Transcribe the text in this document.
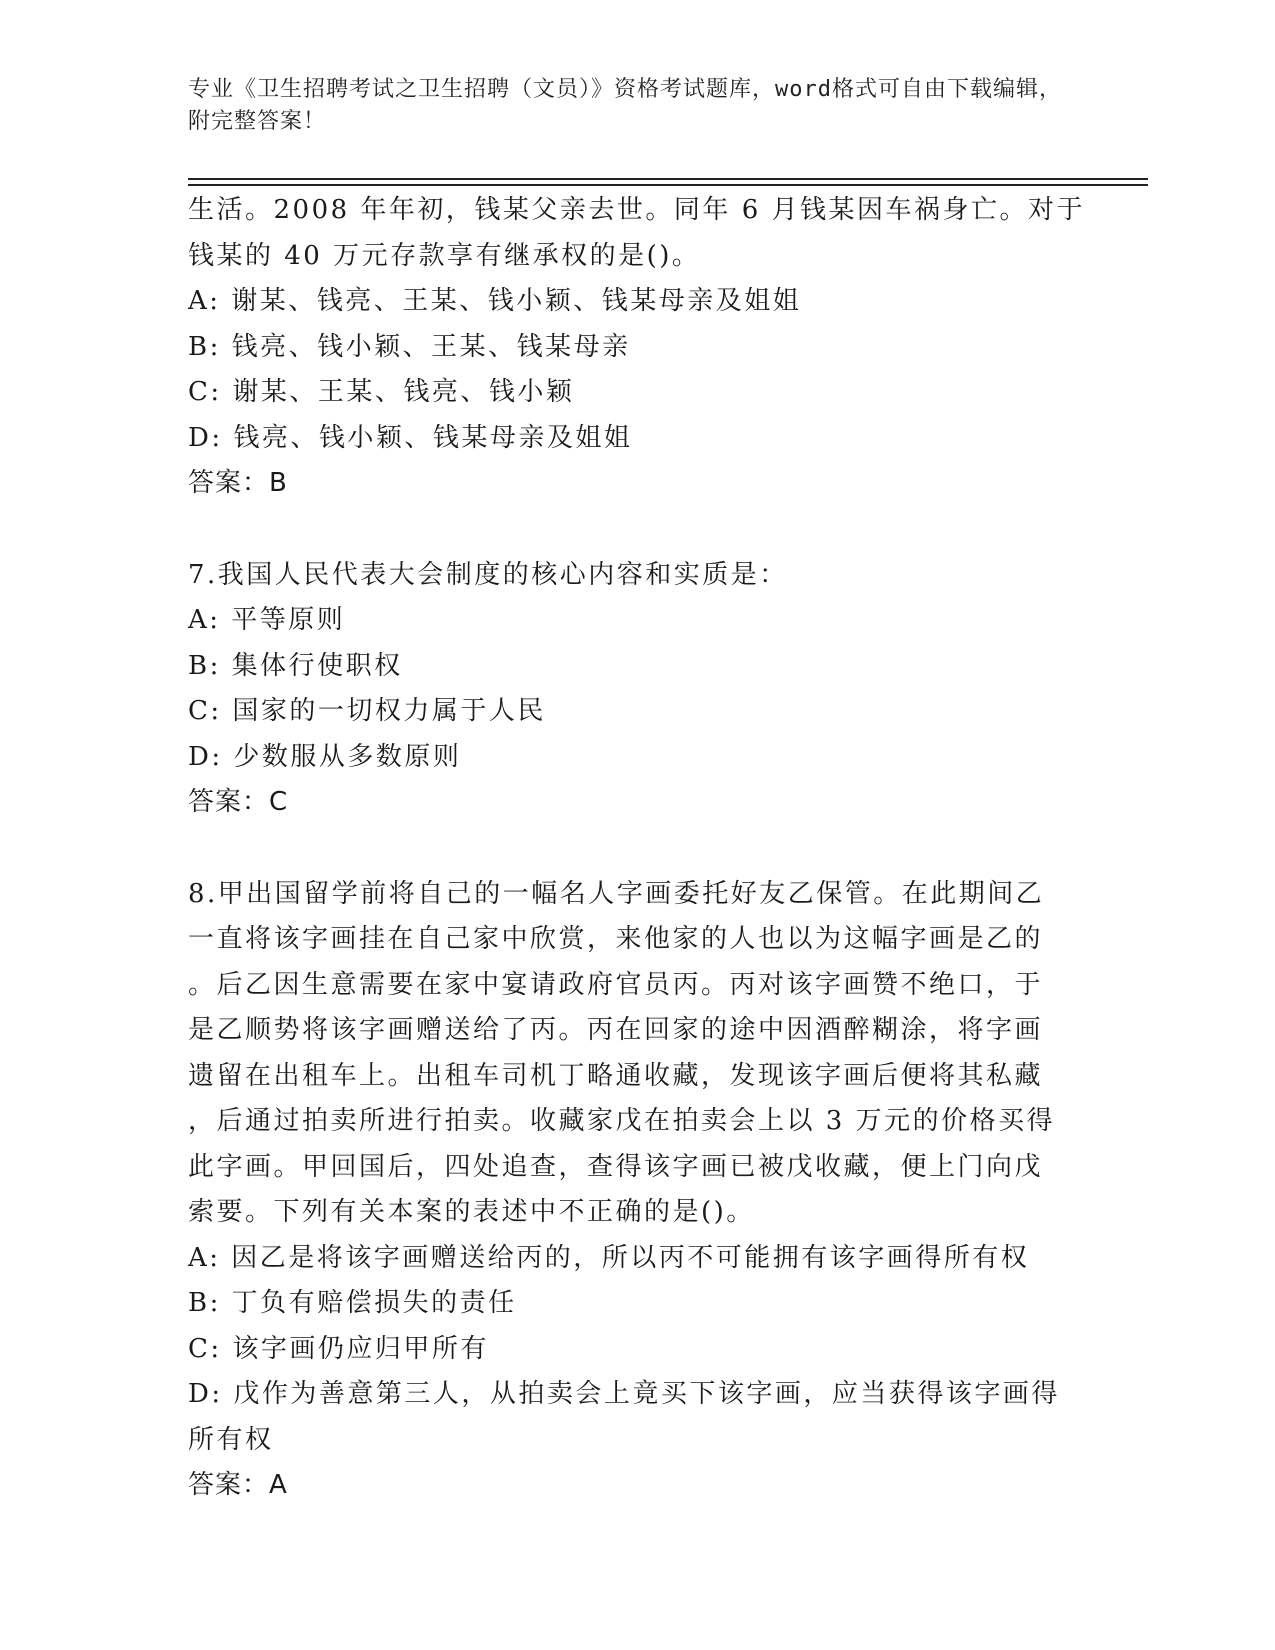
专业《卫生招聘考试之卫生招聘（文员）》资格考试题库，word格式可自由下载编辑，附完整答案！
生活。2008 年年初，钱某父亲去世。同年 6 月钱某因车祸身亡。对于
钱某的 40 万元存款享有继承权的是()。
A: 谢某、钱亮、王某、钱小颖、钱某母亲及姐姐
B: 钱亮、钱小颖、王某、钱某母亲
C: 谢某、王某、钱亮、钱小颖
D: 钱亮、钱小颖、钱某母亲及姐姐
答案：B
7.我国人民代表大会制度的核心内容和实质是：
A: 平等原则
B: 集体行使职权
C: 国家的一切权力属于人民
D: 少数服从多数原则
答案：C
8.甲出国留学前将自己的一幅名人字画委托好友乙保管。在此期间乙
一直将该字画挂在自己家中欣赏，来他家的人也以为这幅字画是乙的
。后乙因生意需要在家中宴请政府官员丙。丙对该字画赞不绝口，于
是乙顺势将该字画赠送给了丙。丙在回家的途中因酒醉糊涂，将字画
遗留在出租车上。出租车司机丁略通收藏，发现该字画后便将其私藏
，后通过拍卖所进行拍卖。收藏家戊在拍卖会上以 3 万元的价格买得
此字画。甲回国后，四处追查，查得该字画已被戊收藏，便上门向戊
索要。下列有关本案的表述中不正确的是()。
A: 因乙是将该字画赠送给丙的，所以丙不可能拥有该字画得所有权
B: 丁负有赔偿损失的责任
C: 该字画仍应归甲所有
D: 戊作为善意第三人，从拍卖会上竟买下该字画，应当获得该字画得
所有权
答案：A
